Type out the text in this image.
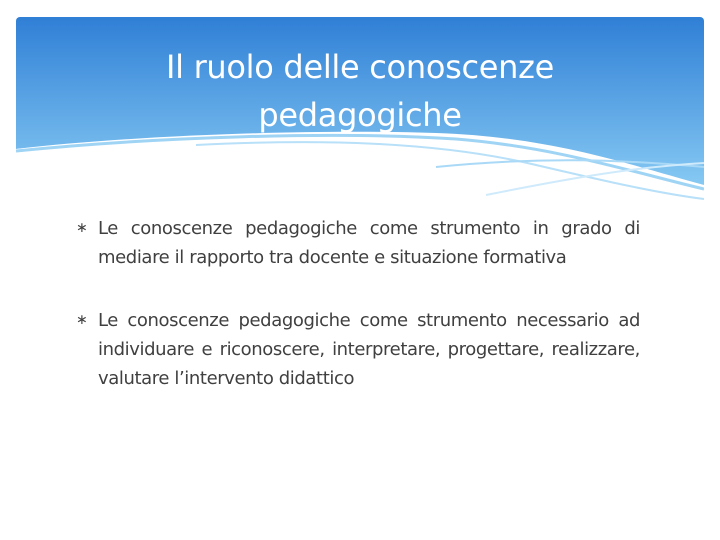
Il ruolo delle conoscenze
pedagogiche
∗ Le conoscenze pedagogiche come strumento in grado di mediare il rapporto tra docente e situazione formativa
∗ Le conoscenze pedagogiche come strumento necessario ad individuare e riconoscere, interpretare, progettare, realizzare, valutare l’intervento didattico
